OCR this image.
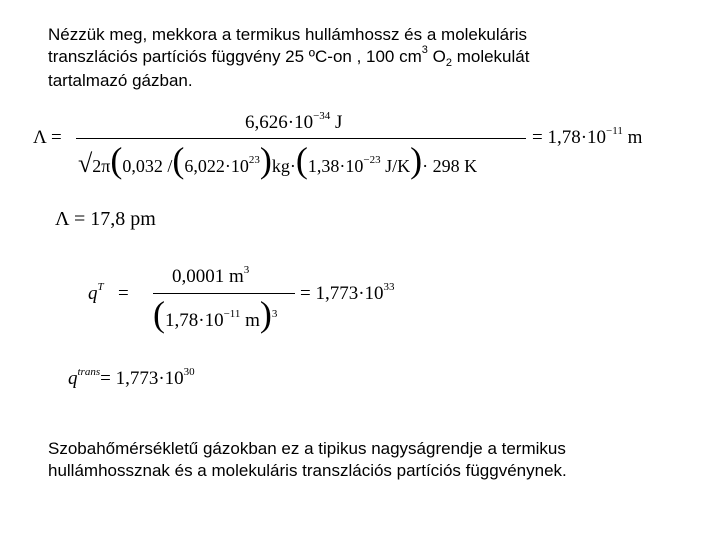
Nézzük meg, mekkora a termikus hullámhossz és a molekuláris
transzlációs partíciós függvény 25 ºC-on , 100 $cm^3$ $O_2$ molekulát
tartalmazó gázban.
Λ =
$6,626\cdot 10^{-34}$ J
√2π(0,032 $/(6,022\cdot 10^{23})kg\cdot(1,38\cdot 10^{-23}$ J/K)· 298 K
= $1,78\cdot 10^{-11}$ m
Λ = 17,8 pm
$q^T$ =
0,0001 $m^3$
($1,78\cdot 10^{-11}$ m)$^3$
= $1,773\cdot 10^{33}$
$q^{trans}= 1,773\cdot 10^{30}$
Szobahőmérsékletű gázokban ez a tipikus nagyságrendje a termikus
hullámhossznak és a molekuláris transzlációs partíciós függvénynek.
